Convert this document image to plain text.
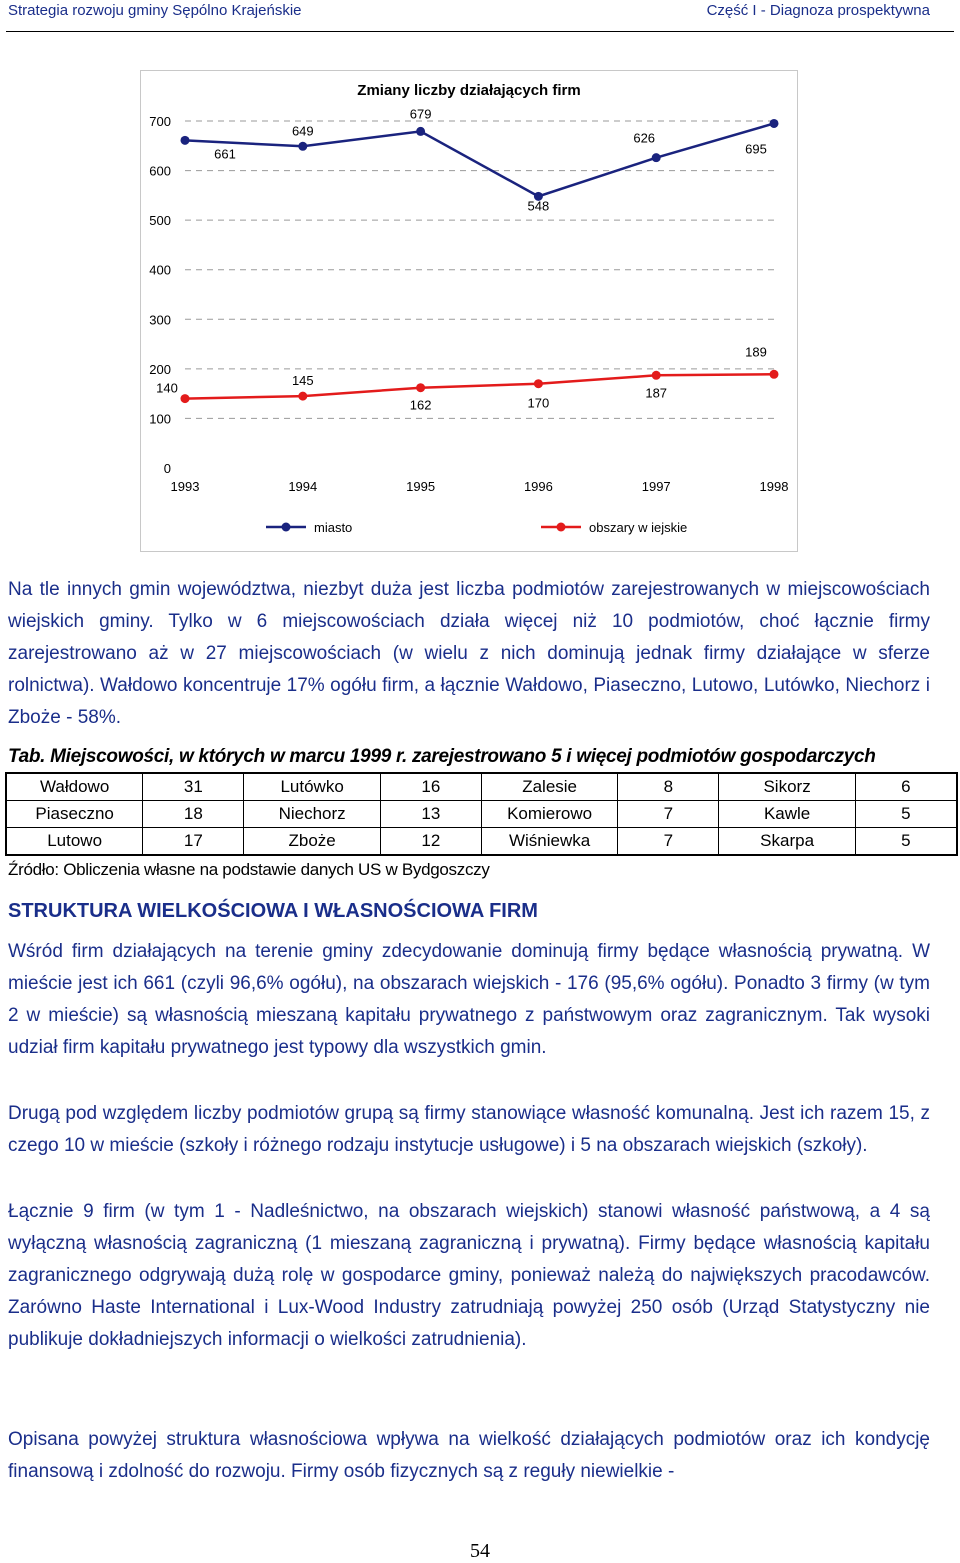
Strategia rozwoju gminy Sępólno Krajeńskie	Część I - Diagnoza prospektywna
Zmiany liczby działających firm
0
100
200
300
400
500
600
700
1993	1994	1995	1996	1997	1998
661
649
679
548
626
695
140	145
162	170
187
189
miasto	obszary w iejskie
Na tle innych gmin województwa, niezbyt duża jest liczba podmiotów zarejestrowanych w miejscowościach wiejskich gminy. Tylko w 6 miejscowościach działa więcej niż 10 podmiotów, choć łącznie firmy zarejestrowano aż w 27 miejscowościach (w wielu z nich dominują jednak firmy działające w sferze rolnictwa). Wałdowo koncentruje 17% ogółu firm, a łącznie Wałdowo, Piaseczno, Lutowo, Lutówko, Niechorz i Zboże - 58%.
Tab. Miejscowości, w których w marcu 1999 r. zarejestrowano 5 i więcej podmiotów gospodarczych
Wałdowo	31	Lutówko	16	Zalesie	8	Sikorz	6
Piaseczno	18	Niechorz	13	Komierowo	7	Kawle	5
Lutowo	17	Zboże	12	Wiśniewka	7	Skarpa	5
Źródło: Obliczenia własne na podstawie danych US w Bydgoszczy
STRUKTURA WIELKOŚCIOWA I WŁASNOŚCIOWA FIRM
Wśród firm działających na terenie gminy zdecydowanie dominują firmy będące własnością prywatną. W mieście jest ich 661 (czyli 96,6% ogółu), na obszarach wiejskich - 176 (95,6% ogółu). Ponadto 3 firmy (w tym 2 w mieście) są własnością mieszaną kapitału prywatnego z państwowym oraz zagranicznym. Tak wysoki udział firm kapitału prywatnego jest typowy dla wszystkich gmin.
Drugą pod względem liczby podmiotów grupą są firmy stanowiące własność komunalną. Jest ich razem 15, z czego 10 w mieście (szkoły i różnego rodzaju instytucje usługowe) i 5 na obszarach wiejskich (szkoły).
Łącznie 9 firm (w tym 1 - Nadleśnictwo, na obszarach wiejskich) stanowi własność państwową, a 4 są wyłączną własnością zagraniczną (1 mieszaną zagraniczną i prywatną). Firmy będące własnością kapitału zagranicznego odgrywają dużą rolę w gospodarce gminy, ponieważ należą do największych pracodawców. Zarówno Haste International i Lux-Wood Industry zatrudniają powyżej 250 osób (Urząd Statystyczny nie publikuje dokładniejszych informacji o wielkości zatrudnienia).
Opisana powyżej struktura własnościowa wpływa na wielkość działających podmiotów oraz ich kondycję finansową i zdolność do rozwoju. Firmy osób fizycznych są z reguły niewielkie -
54
